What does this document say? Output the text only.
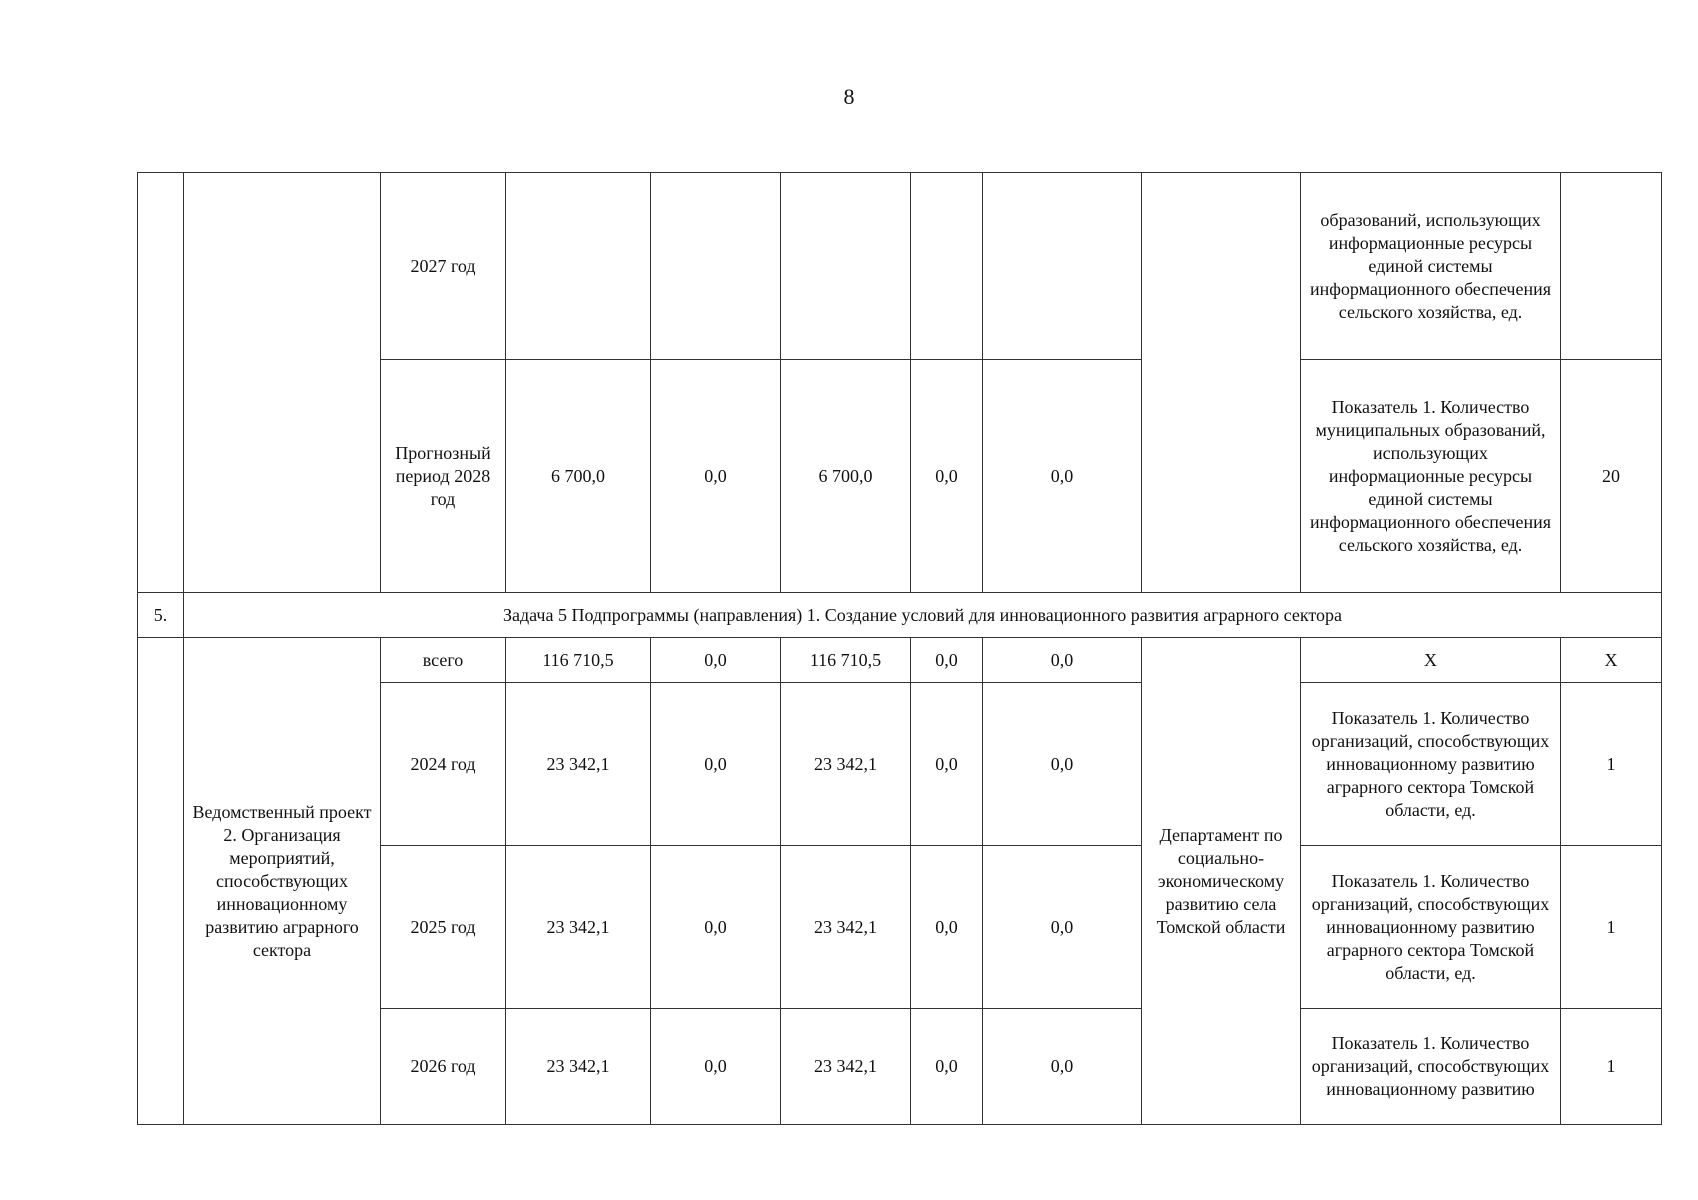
8
		2027 год							образований, использующих информационные ресурсы единой системы информационного обеспечения сельского хозяйства, ед.	
		Прогнозный период 2028 год	6 700,0	0,0	6 700,0	0,0	0,0		Показатель 1. Количество муниципальных образований, использующих информационные ресурсы единой системы информационного обеспечения сельского хозяйства, ед.	20
5.	Задача 5 Подпрограммы (направления) 1. Создание условий для инновационного развития аграрного сектора									
	Ведомственный проект 2. Организация мероприятий, способствующих инновационному развитию аграрного сектора	всего	116 710,5	0,0	116 710,5	0,0	0,0	Департамент по социально-экономическому развитию села Томской области	X	X
		2024 год	23 342,1	0,0	23 342,1	0,0	0,0		Показатель 1. Количество организаций, способствующих инновационному развитию аграрного сектора Томской области, ед.	1
		2025 год	23 342,1	0,0	23 342,1	0,0	0,0		Показатель 1. Количество организаций, способствующих инновационному развитию аграрного сектора Томской области, ед.	1
		2026 год	23 342,1	0,0	23 342,1	0,0	0,0		Показатель 1. Количество организаций, способствующих инновационному развитию	1
